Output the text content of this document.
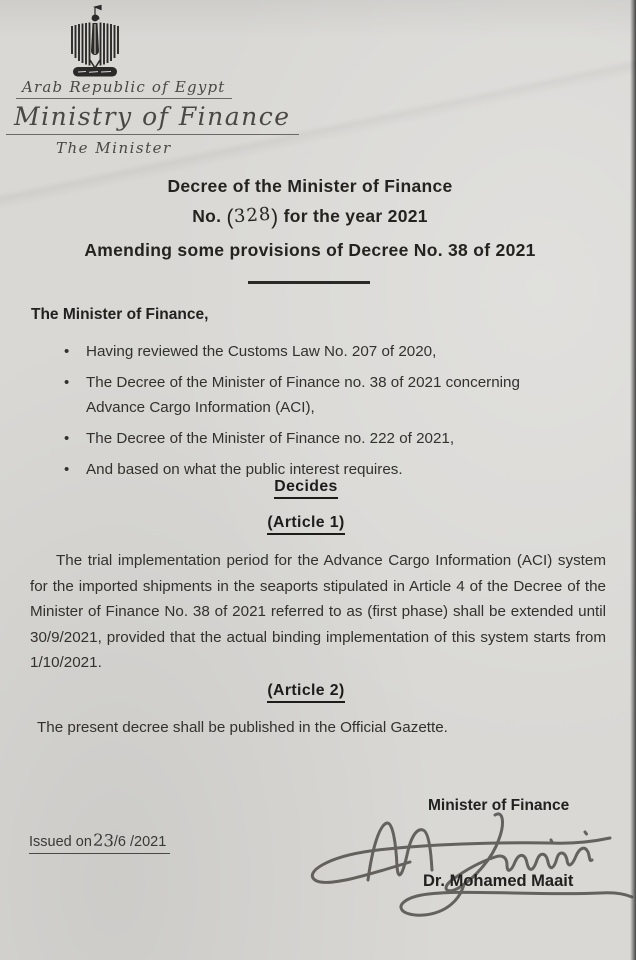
Arab Republic of Egypt
Ministry of Finance
The Minister
Decree of the Minister of Finance
No. (328) for the year 2021
Amending some provisions of Decree No. 38 of 2021
The Minister of Finance,
• Having reviewed the Customs Law No. 207 of 2020,
• The Decree of the Minister of Finance no. 38 of 2021 concerning Advance Cargo Information (ACI),
• The Decree of the Minister of Finance no. 222 of 2021,
• And based on what the public interest requires.
Decides
(Article 1)
The trial implementation period for the Advance Cargo Information (ACI) system for the imported shipments in the seaports stipulated in Article 4 of the Decree of the Minister of Finance No. 38 of 2021 referred to as (first phase) shall be extended until 30/9/2021, provided that the actual binding implementation of this system starts from 1/10/2021.
(Article 2)
The present decree shall be published in the Official Gazette.
Minister of Finance
Dr. Mohamed Maait
Issued on23/6 /2021
